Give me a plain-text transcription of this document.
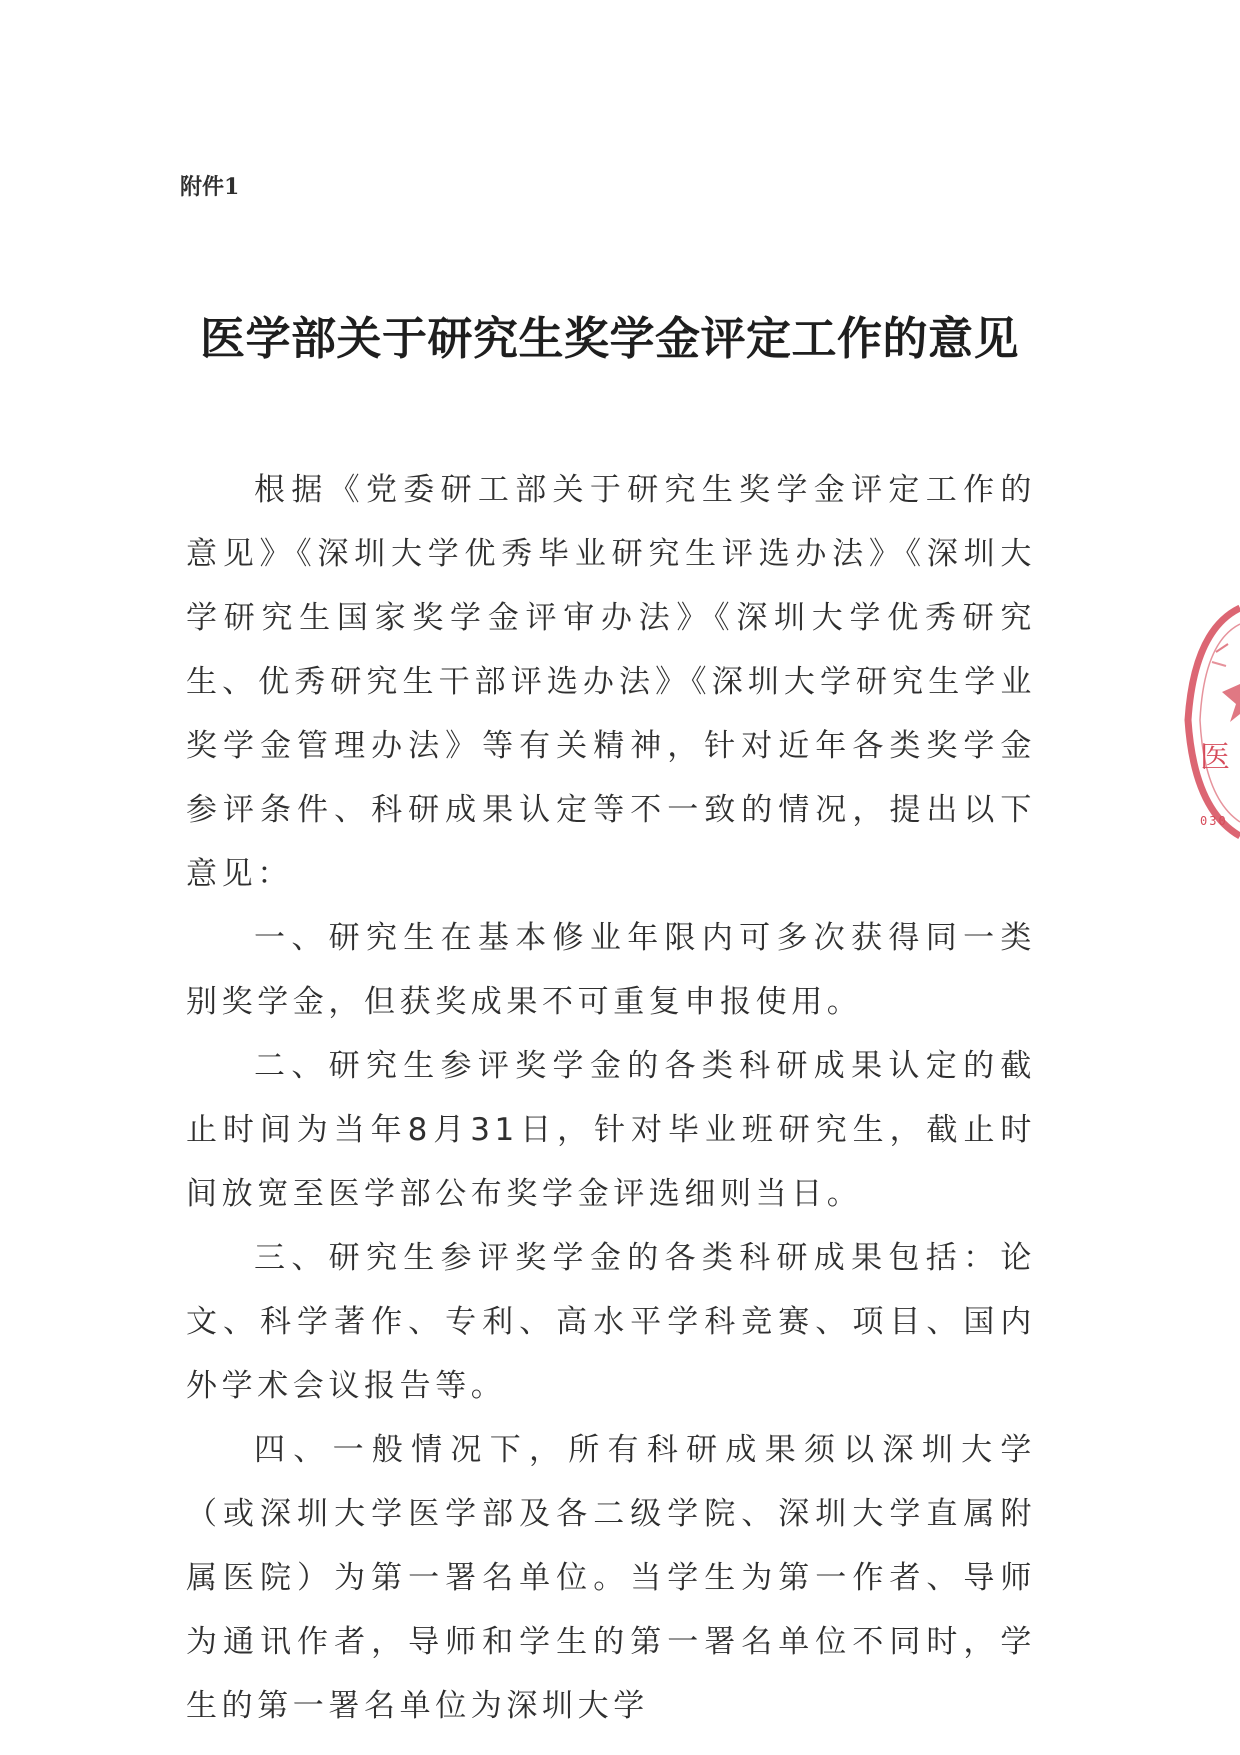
附件1
医学部关于研究生奖学金评定工作的意见

根据《党委研工部关于研究生奖学金评定工作的意见》《深圳大学优秀毕业研究生评选办法》《深圳大学研究生国家奖学金评审办法》《深圳大学优秀研究生、优秀研究生干部评选办法》《深圳大学研究生学业奖学金管理办法》等有关精神，针对近年各类奖学金参评条件、科研成果认定等不一致的情况，提出以下意见：

一、研究生在基本修业年限内可多次获得同一类别奖学金，但获奖成果不可重复申报使用。

二、研究生参评奖学金的各类科研成果认定的截止时间为当年8月31日，针对毕业班研究生，截止时间放宽至医学部公布奖学金评选细则当日。

三、研究生参评奖学金的各类科研成果包括：论文、科学著作、专利、高水平学科竞赛、项目、国内外学术会议报告等。

四、一般情况下，所有科研成果须以深圳大学（或深圳大学医学部及各二级学院、深圳大学直属附属医院）为第一署名单位。当学生为第一作者、导师为通讯作者，导师和学生的第一署名单位不同时，学生的第一署名单位为深圳大学

医
030
